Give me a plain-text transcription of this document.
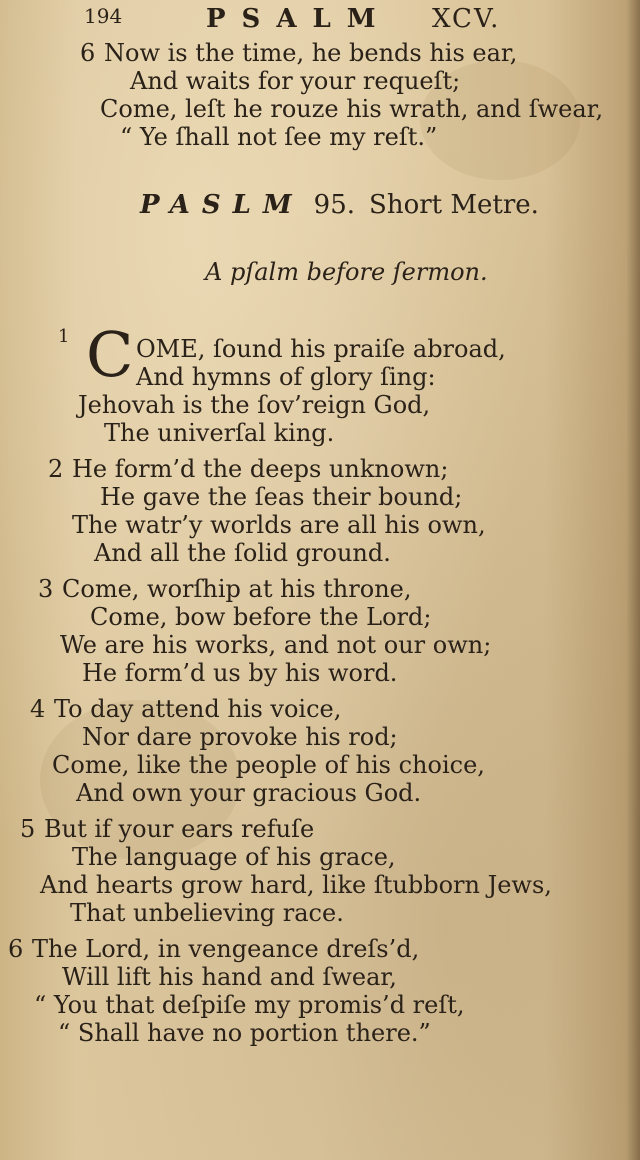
194	PSALM XCV.
6 Now is the time, he bends his ear,
And waits for your requeſt;
Come, leſt he rouze his wrath, and ſwear,
“ Ye ſhall not ſee my reſt.”
PASLM 95. Short Metre.
A pſalm before ſermon.
1 C OME, ſound his praiſe abroad,
And hymns of glory ſing:
Jehovah is the ſov’reign God,
The univerſal king.
2 He form’d the deeps unknown;
He gave the ſeas their bound;
The watr’y worlds are all his own,
And all the ſolid ground.
3 Come, worſhip at his throne,
Come, bow before the Lord;
We are his works, and not our own;
He form’d us by his word.
4 To day attend his voice,
Nor dare provoke his rod;
Come, like the people of his choice,
And own your gracious God.
5 But if your ears refuſe
The language of his grace,
And hearts grow hard, like ſtubborn Jews,
That unbelieving race.
6 The Lord, in vengeance dreſs’d,
Will lift his hand and ſwear,
“ You that deſpiſe my promis’d reſt,
“ Shall have no portion there.”
